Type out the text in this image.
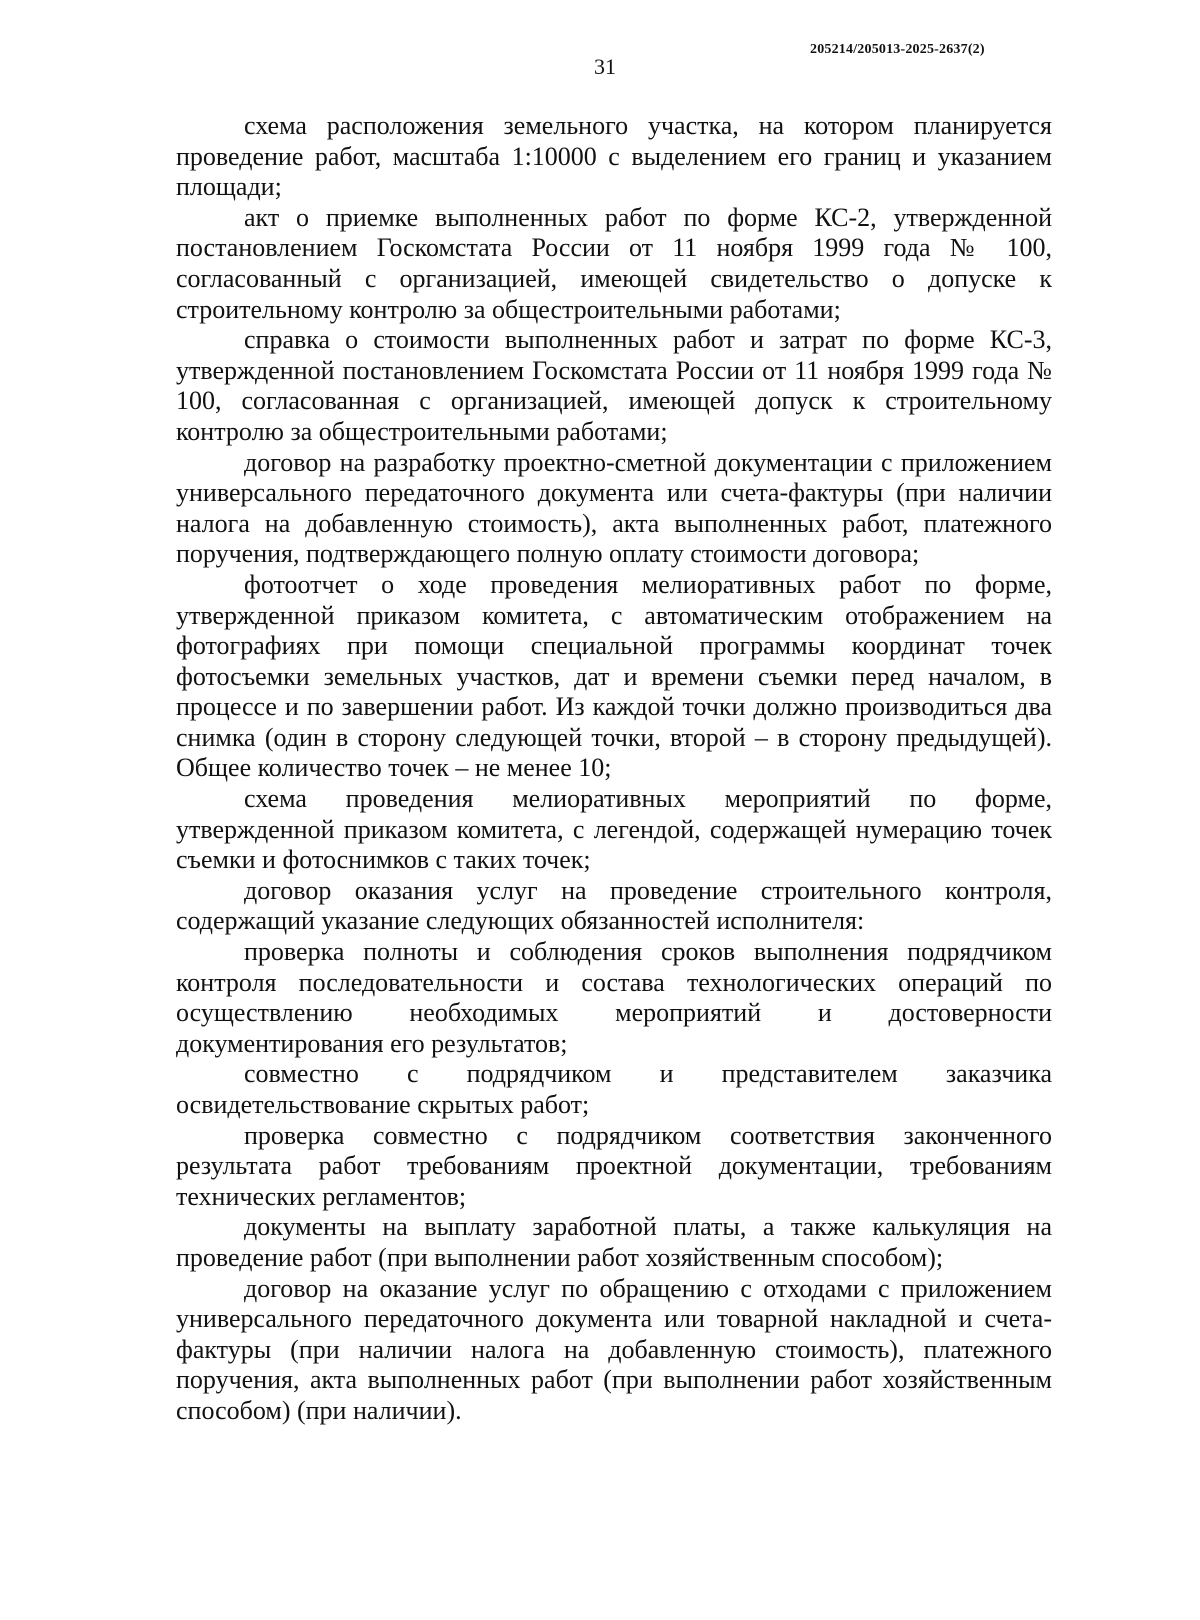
205214/205013-2025-2637(2)
31

схема расположения земельного участка, на котором планируется проведение работ, масштаба 1:10000 с выделением его границ и указанием площади;

акт о приемке выполненных работ по форме КС-2, утвержденной постановлением Госкомстата России от 11 ноября 1999 года № 100, согласованный с организацией, имеющей свидетельство о допуске к строительному контролю за общестроительными работами;

справка о стоимости выполненных работ и затрат по форме КС-3, утвержденной постановлением Госкомстата России от 11 ноября 1999 года № 100, согласованная с организацией, имеющей допуск к строительному контролю за общестроительными работами;

договор на разработку проектно-сметной документации с приложением универсального передаточного документа или счета-фактуры (при наличии налога на добавленную стоимость), акта выполненных работ, платежного поручения, подтверждающего полную оплату стоимости договора;

фотоотчет о ходе проведения мелиоративных работ по форме, утвержденной приказом комитета, с автоматическим отображением на фотографиях при помощи специальной программы координат точек фотосъемки земельных участков, дат и времени съемки перед началом, в процессе и по завершении работ. Из каждой точки должно производиться два снимка (один в сторону следующей точки, второй – в сторону предыдущей). Общее количество точек – не менее 10;

схема проведения мелиоративных мероприятий по форме, утвержденной приказом комитета, с легендой, содержащей нумерацию точек съемки и фотоснимков с таких точек;

договор оказания услуг на проведение строительного контроля, содержащий указание следующих обязанностей исполнителя:

проверка полноты и соблюдения сроков выполнения подрядчиком контроля последовательности и состава технологических операций по осуществлению необходимых мероприятий и достоверности документирования его результатов;

совместно с подрядчиком и представителем заказчика освидетельствование скрытых работ;

проверка совместно с подрядчиком соответствия законченного результата работ требованиям проектной документации, требованиям технических регламентов;

документы на выплату заработной платы, а также калькуляция на проведение работ (при выполнении работ хозяйственным способом);

договор на оказание услуг по обращению с отходами с приложением универсального передаточного документа или товарной накладной и счета-фактуры (при наличии налога на добавленную стоимость), платежного поручения, акта выполненных работ (при выполнении работ хозяйственным способом) (при наличии).
